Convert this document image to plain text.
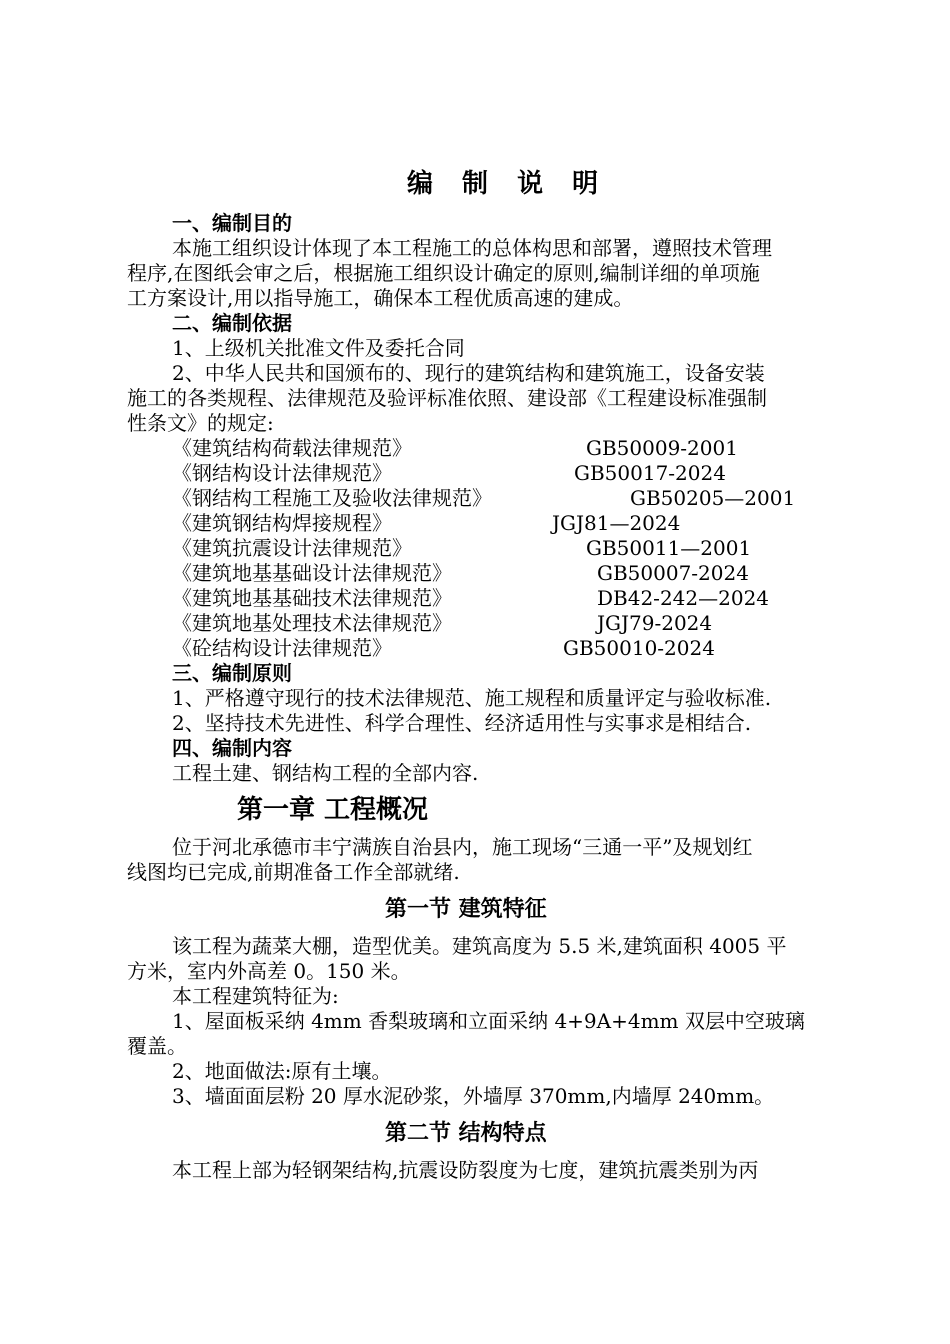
编 制 说 明
一、编制目的
本施工组织设计体现了本工程施工的总体构思和部署，遵照技术管理
程序,在图纸会审之后，根据施工组织设计确定的原则,编制详细的单项施
工方案设计,用以指导施工，确保本工程优质高速的建成。
二、编制依据
1、上级机关批准文件及委托合同
2、中华人民共和国颁布的、现行的建筑结构和建筑施工，设备安装
施工的各类规程、法律规范及验评标准依照、建设部《工程建设标准强制
性条文》的规定:
《建筑结构荷载法律规范》	GB50009-2001
《钢结构设计法律规范》	GB50017-2024
《钢结构工程施工及验收法律规范》	GB50205—2001
《建筑钢结构焊接规程》	JGJ81—2024
《建筑抗震设计法律规范》	GB50011—2001
《建筑地基基础设计法律规范》	GB50007-2024
《建筑地基基础技术法律规范》	DB42-242—2024
《建筑地基处理技术法律规范》	JGJ79-2024
《砼结构设计法律规范》	GB50010-2024
三、编制原则
1、严格遵守现行的技术法律规范、施工规程和质量评定与验收标准.
2、坚持技术先进性、科学合理性、经济适用性与实事求是相结合.
四、编制内容
工程土建、钢结构工程的全部内容.
第一章 工程概况
位于河北承德市丰宁满族自治县内，施工现场“三通一平”及规划红
线图均已完成,前期准备工作全部就绪.
第一节 建筑特征
该工程为蔬菜大棚，造型优美。建筑高度为 5.5 米,建筑面积 4005 平
方米，室内外高差 0。150 米。
本工程建筑特征为:
1、屋面板采纳 4mm 香梨玻璃和立面采纳 4+9A+4mm 双层中空玻璃
覆盖。
2、地面做法:原有土壤。
3、墙面面层粉 20 厚水泥砂浆，外墙厚 370mm,内墙厚 240mm。
第二节 结构特点
本工程上部为轻钢架结构,抗震设防裂度为七度，建筑抗震类别为丙
